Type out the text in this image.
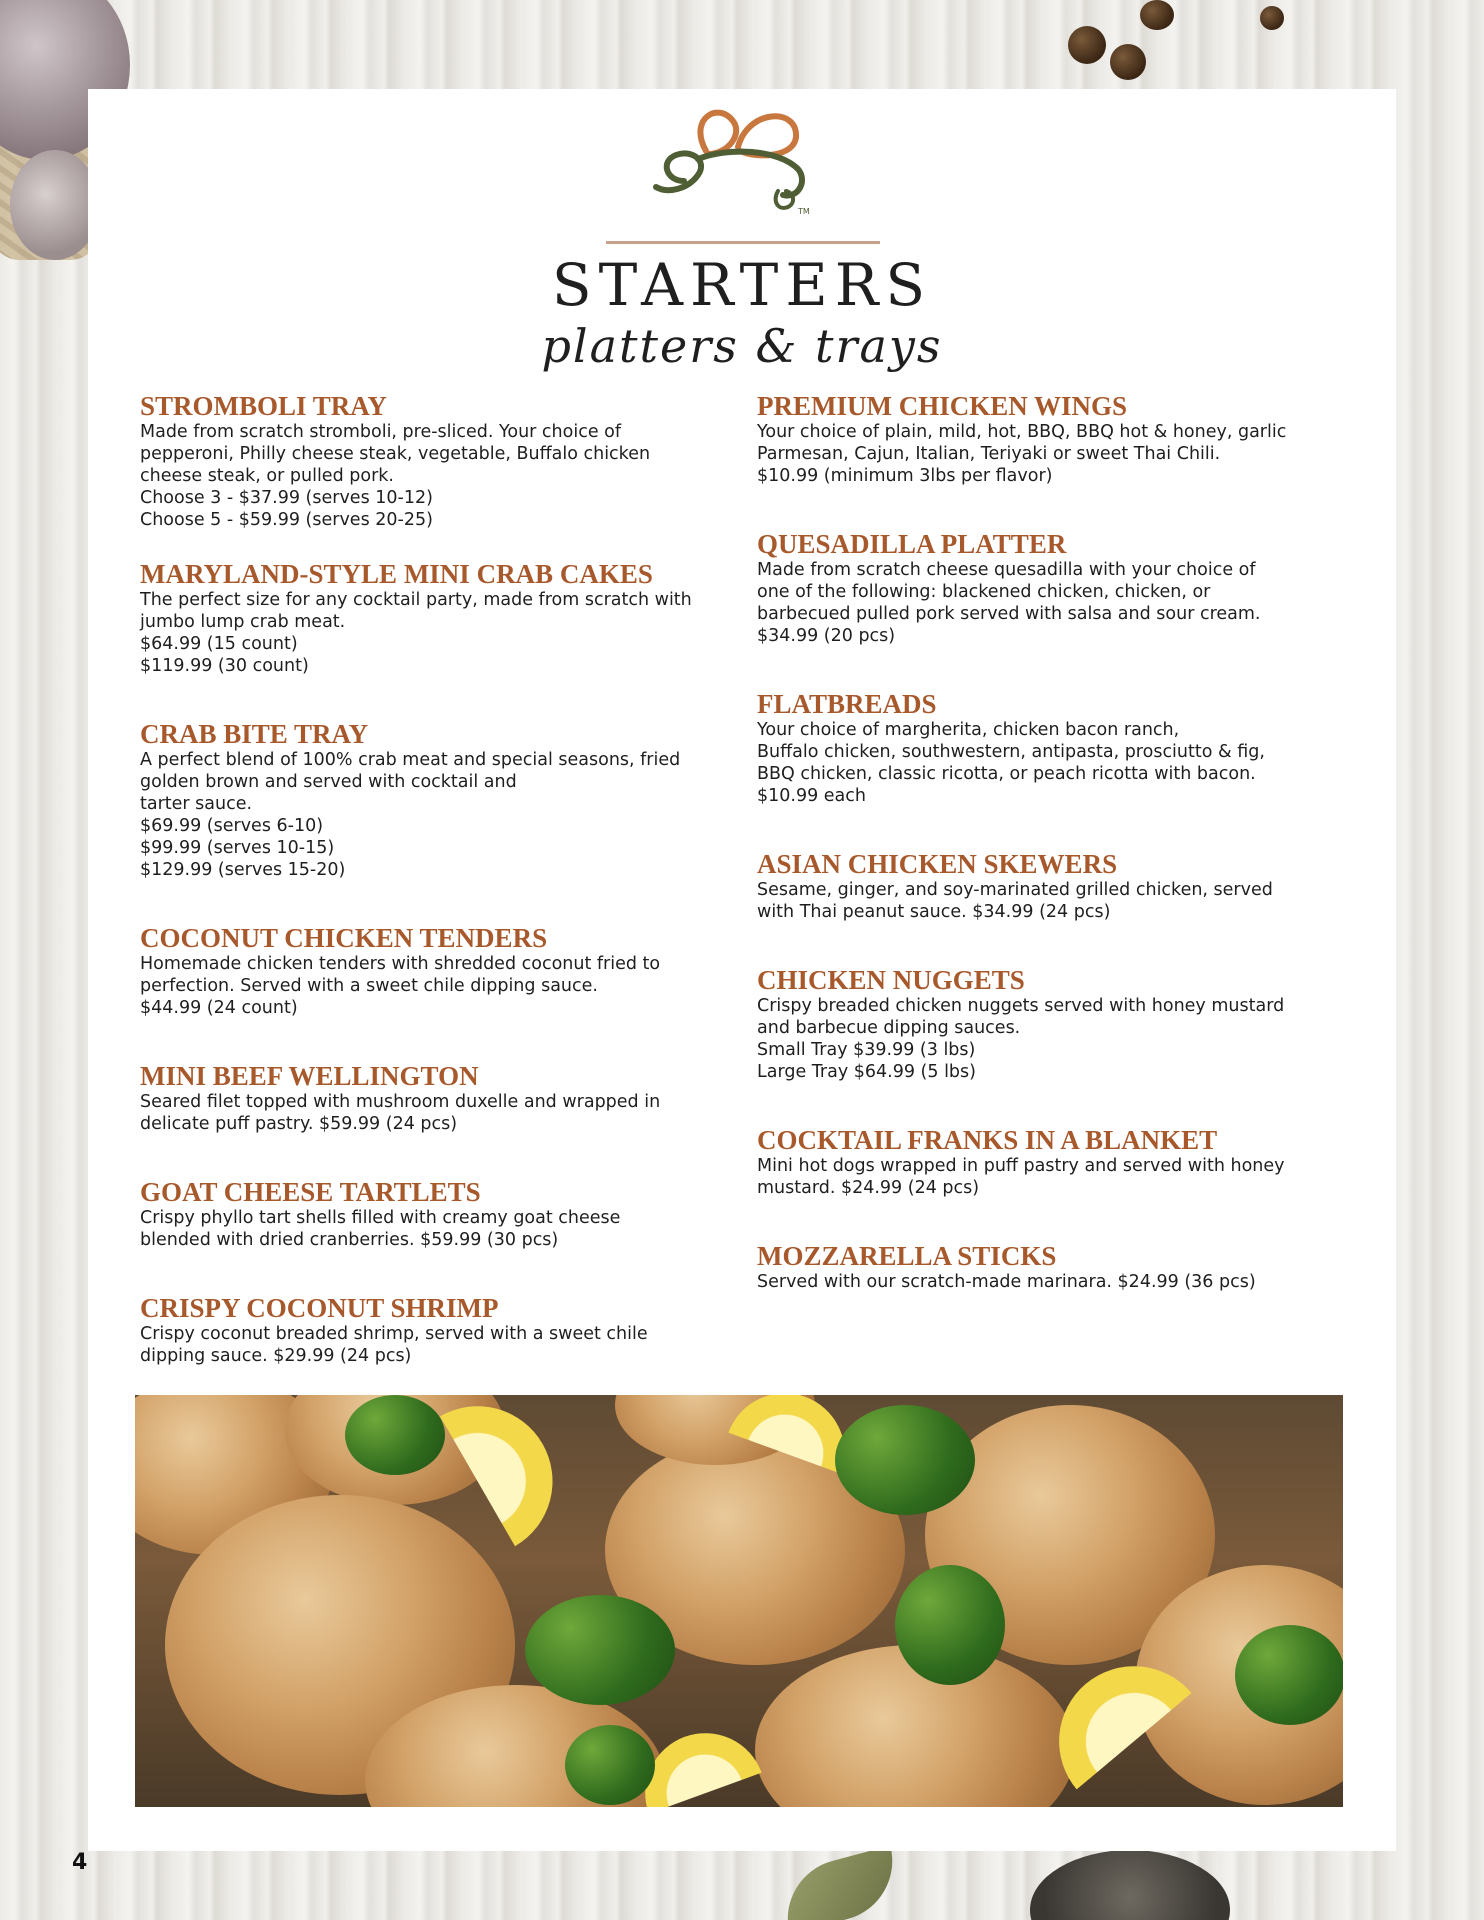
TM
STARTERS
platters & trays
STROMBOLI TRAY

Made from scratch stromboli, pre-sliced. Your choice of
pepperoni, Philly cheese steak, vegetable, Buffalo chicken
cheese steak, or pulled pork.
Choose 3 - $37.99 (serves 10-12)
Choose 5 - $59.99 (serves 20-25)

MARYLAND-STYLE MINI CRAB CAKES

The perfect size for any cocktail party, made from scratch with
jumbo lump crab meat.
$64.99 (15 count)
$119.99 (30 count)

CRAB BITE TRAY

A perfect blend of 100% crab meat and special seasons, fried
golden brown and served with cocktail and
tarter sauce.
$69.99 (serves 6-10)
$99.99 (serves 10-15)
$129.99 (serves 15-20)

COCONUT CHICKEN TENDERS

Homemade chicken tenders with shredded coconut fried to
perfection. Served with a sweet chile dipping sauce.
$44.99 (24 count)

MINI BEEF WELLINGTON

Seared filet topped with mushroom duxelle and wrapped in
delicate puff pastry. $59.99 (24 pcs)

GOAT CHEESE TARTLETS

Crispy phyllo tart shells filled with creamy goat cheese
blended with dried cranberries. $59.99 (30 pcs)

CRISPY COCONUT SHRIMP

Crispy coconut breaded shrimp, served with a sweet chile
dipping sauce. $29.99 (24 pcs)

PREMIUM CHICKEN WINGS

Your choice of plain, mild, hot, BBQ, BBQ hot & honey, garlic
Parmesan, Cajun, Italian, Teriyaki or sweet Thai Chili.
$10.99 (minimum 3lbs per flavor)

QUESADILLA PLATTER

Made from scratch cheese quesadilla with your choice of
one of the following: blackened chicken, chicken, or
barbecued pulled pork served with salsa and sour cream.
$34.99 (20 pcs)

FLATBREADS

Your choice of margherita, chicken bacon ranch,
Buffalo chicken, southwestern, antipasta, prosciutto & fig,
BBQ chicken, classic ricotta, or peach ricotta with bacon.
$10.99 each

ASIAN CHICKEN SKEWERS

Sesame, ginger, and soy-marinated grilled chicken, served
with Thai peanut sauce. $34.99 (24 pcs)

CHICKEN NUGGETS

Crispy breaded chicken nuggets served with honey mustard
and barbecue dipping sauces.
Small Tray $39.99 (3 lbs)
Large Tray $64.99 (5 lbs)

COCKTAIL FRANKS IN A BLANKET

Mini hot dogs wrapped in puff pastry and served with honey
mustard. $24.99 (24 pcs)

MOZZARELLA STICKS

Served with our scratch-made marinara. $24.99 (36 pcs)

4
